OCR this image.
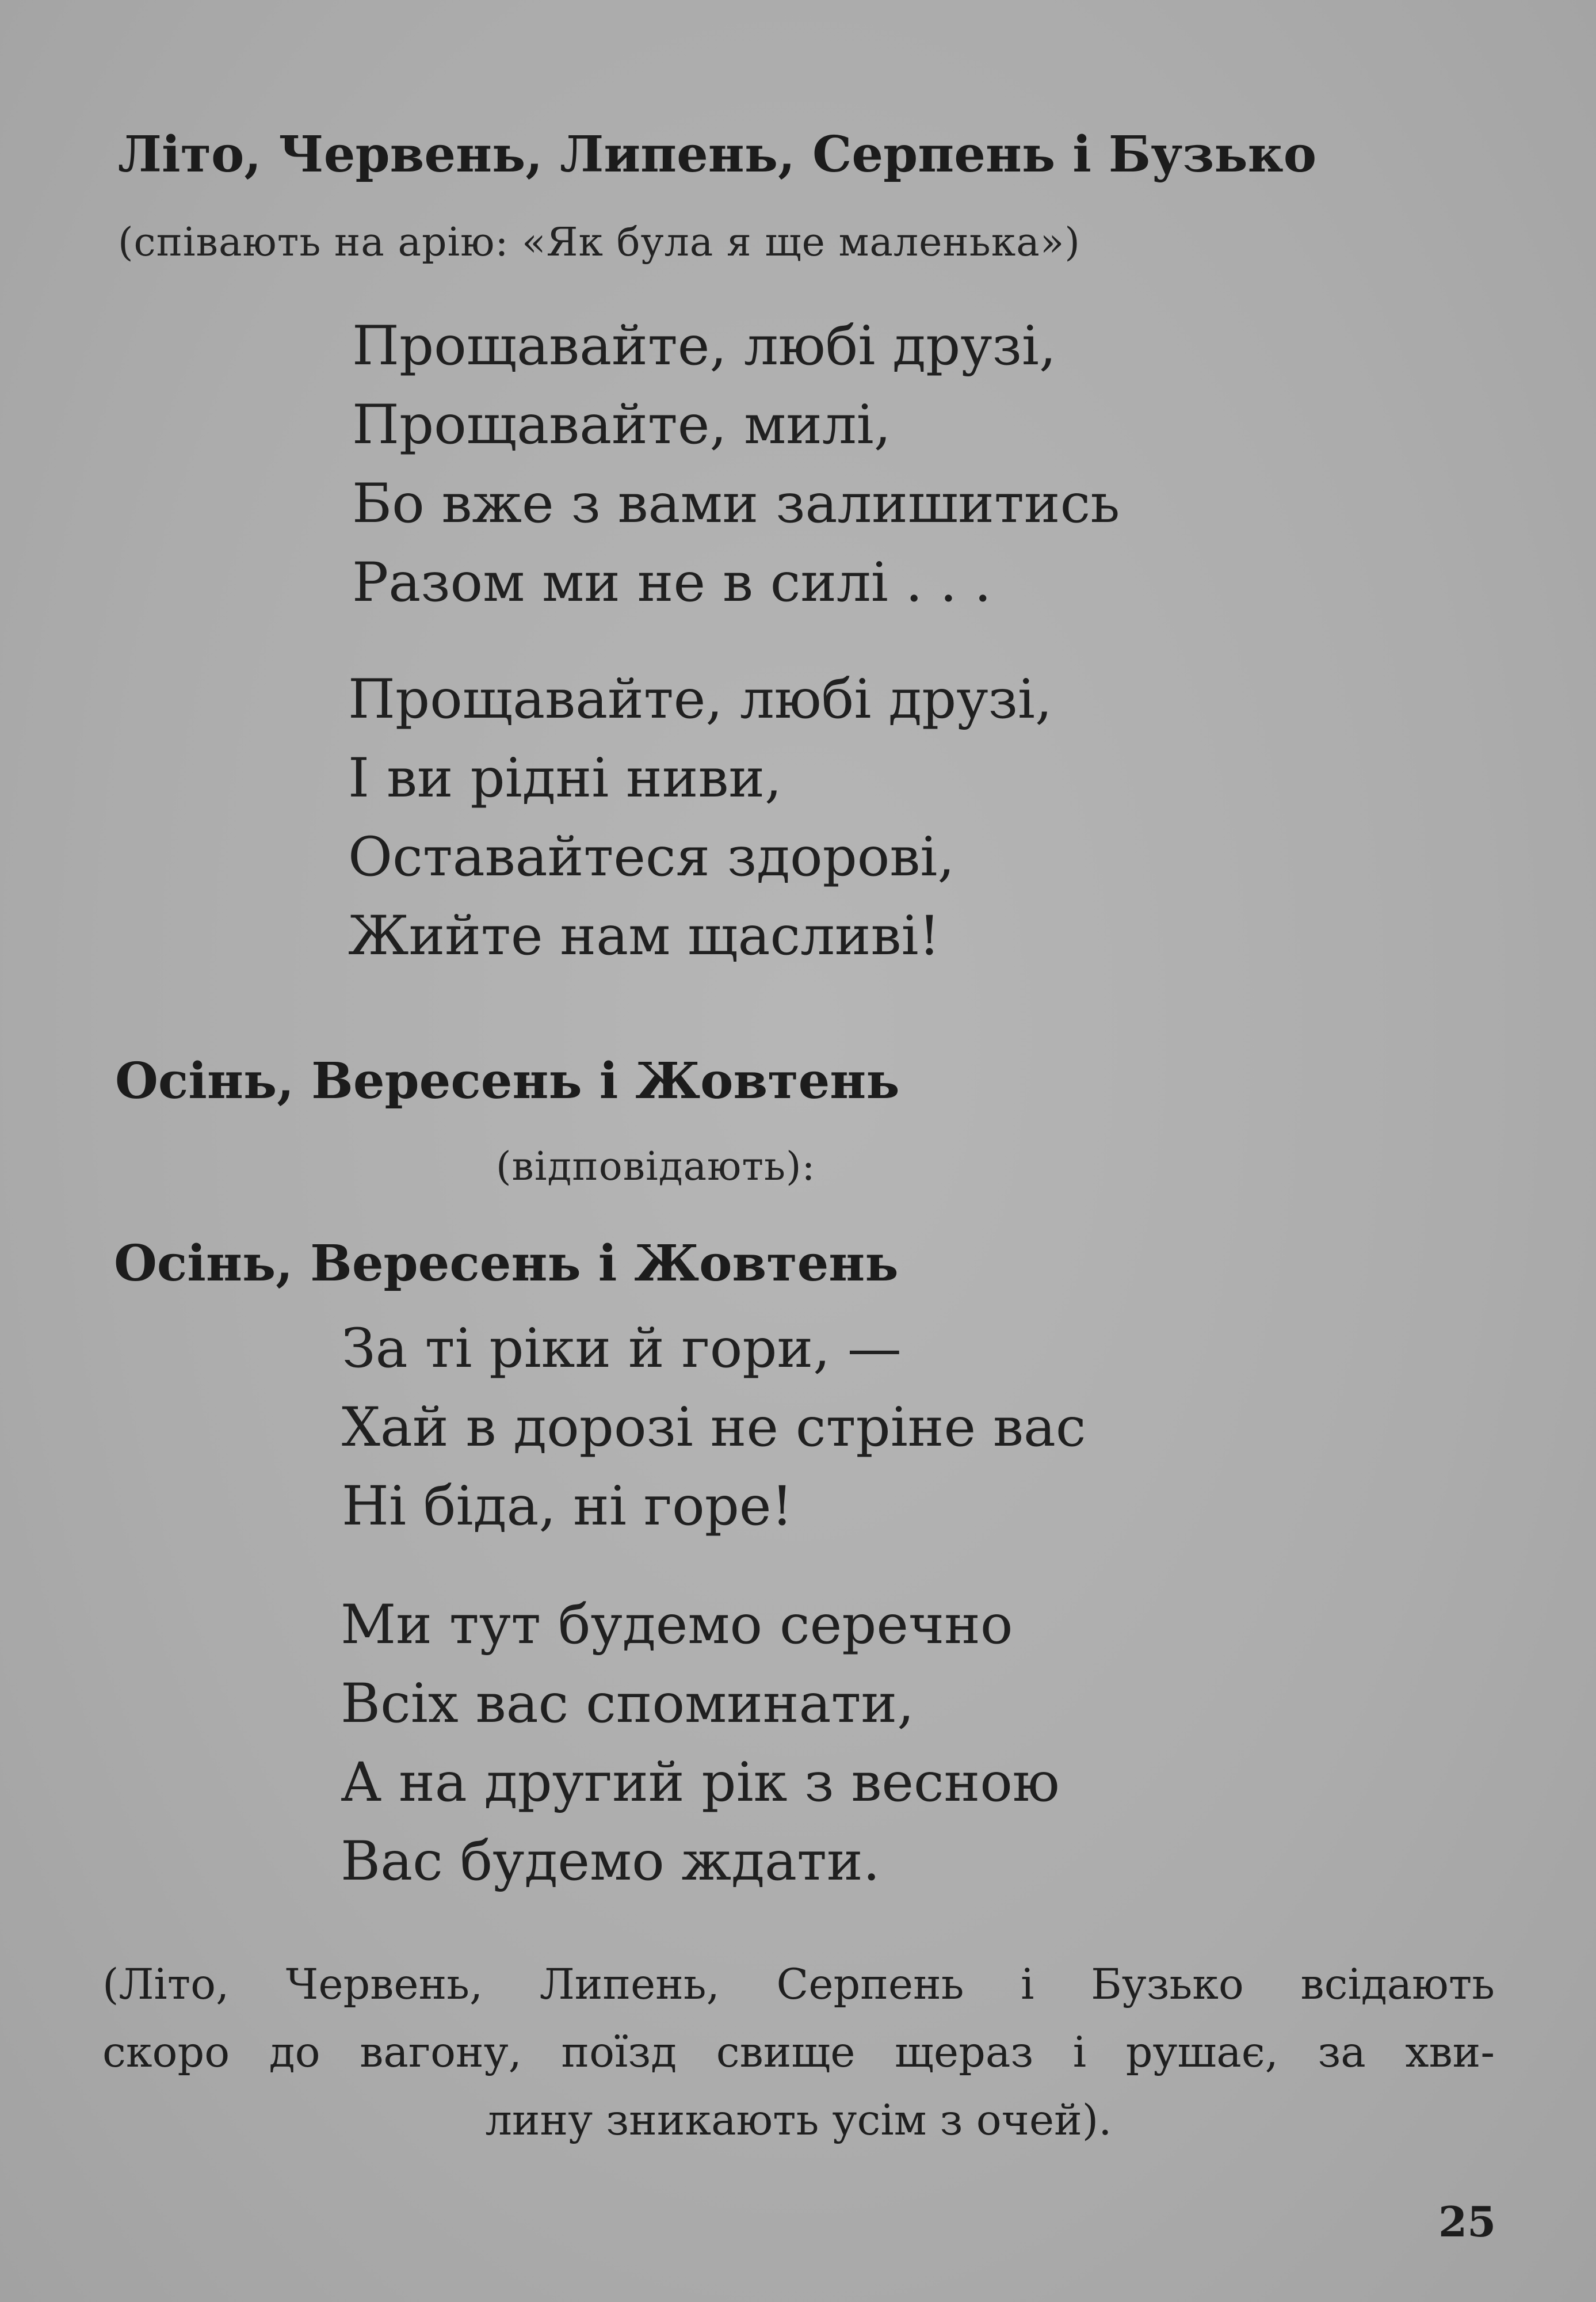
Літо, Червень, Липень, Серпень і Бузько

(співають на арію: «Як була я ще маленька»)

Прощавайте, любі друзі,
Прощавайте, милі,
Бо вже з вами залишитись
Разом ми не в силі . . .
Прощавайте, любі друзі,
І ви рідні ниви,
Оставайтеся здорові,
Жийте нам щасливі!

Осінь, Вересень і Жовтень

(відповідають):

Осінь, Вересень і Жовтень

За ті ріки й гори, —
Хай в дорозі не стріне вас
Ні біда, ні горе!
Ми тут будемо серечно
Всіх вас споминати,
А на другий рік з весною
Вас будемо ждати.
(Літо, Червень, Липень, Серпень і Бузько всідають
скоро до вагону, поїзд свище щераз і рушає, за хви-
лину зникають усім з очей).

25
